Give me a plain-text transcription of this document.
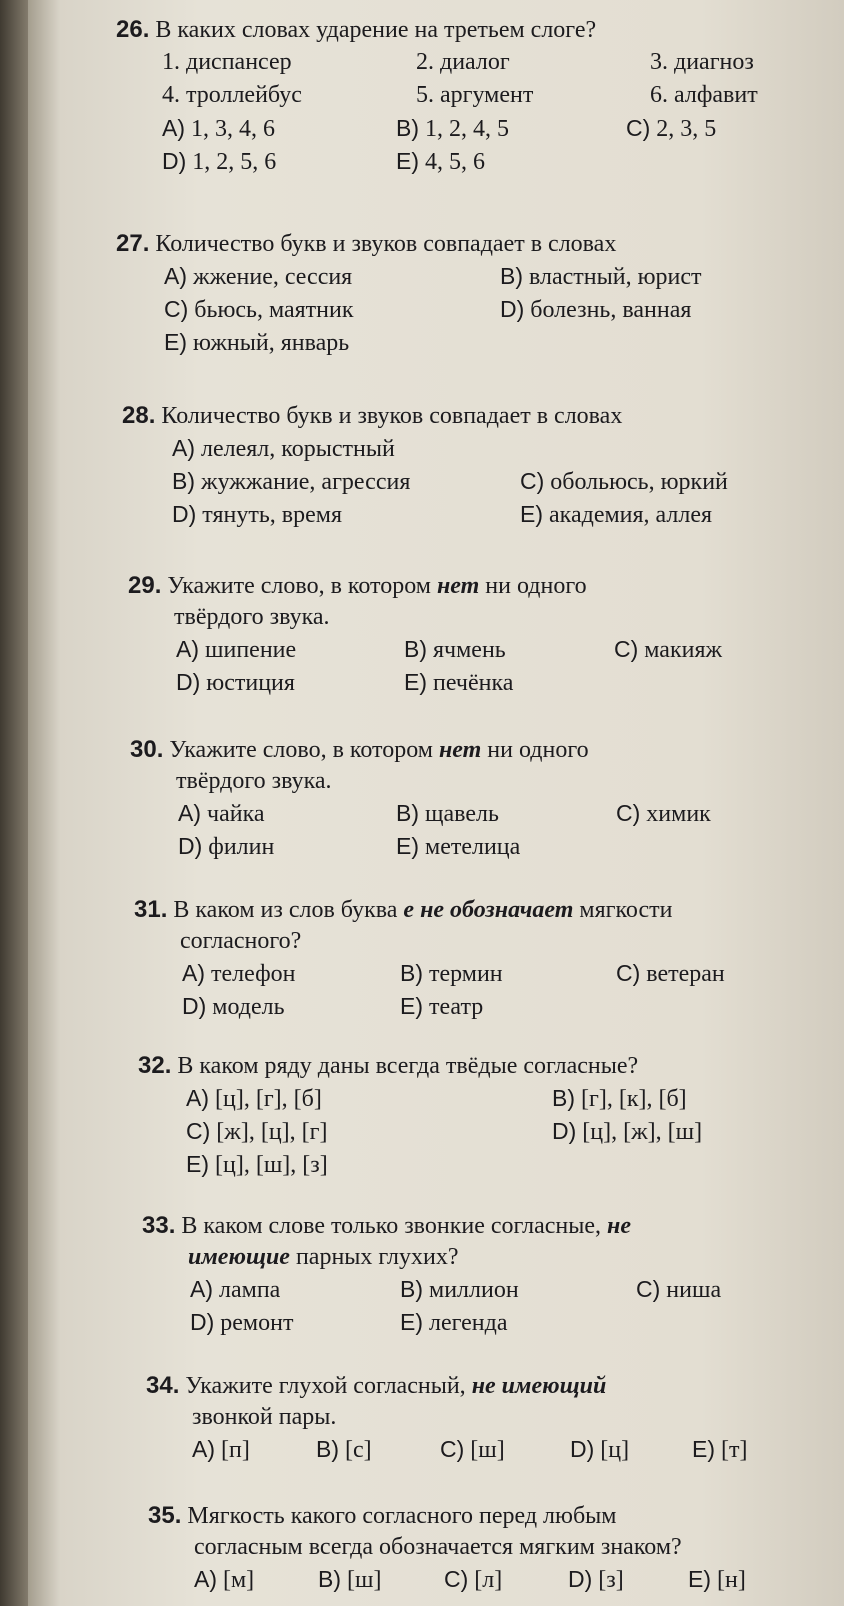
26. В каких словах ударение на третьем слоге?
1. диспансер	2. диалог	3. диагноз
4. троллейбус	5. аргумент	6. алфавит
A) 1, 3, 4, 6	B) 1, 2, 4, 5	C) 2, 3, 5
D) 1, 2, 5, 6	E) 4, 5, 6
27. Количество букв и звуков совпадает в словах
A) жжение, сессия	B) властный, юрист
C) бьюсь, маятник	D) болезнь, ванная
E) южный, январь
28. Количество букв и звуков совпадает в словах
A) лелеял, корыстный
B) жужжание, агрессия	C) обольюсь, юркий
D) тянуть, время	E) академия, аллея
29. Укажите слово, в котором нет ни одного
твёрдого звука.
A) шипение	B) ячмень	C) макияж
D) юстиция	E) печёнка
30. Укажите слово, в котором нет ни одного
твёрдого звука.
A) чайка	B) щавель	C) химик
D) филин	E) метелица
31. В каком из слов буква е не обозначает мягкости
согласного?
A) телефон	B) термин	C) ветеран
D) модель	E) театр
32. В каком ряду даны всегда твёдые согласные?
A) [ц], [г], [б]	B) [г], [к], [б]
C) [ж], [ц], [г]	D) [ц], [ж], [ш]
E) [ц], [ш], [з]
33. В каком слове только звонкие согласные, не
имеющие парных глухих?
A) лампа	B) миллион	C) ниша
D) ремонт	E) легенда
34. Укажите глухой согласный, не имеющий
звонкой пары.
A) [п]	B) [с]	C) [ш]	D) [ц]	E) [т]
35. Мягкость какого согласного перед любым
согласным всегда обозначается мягким знаком?
A) [м]	B) [ш]	C) [л]	D) [з]	E) [н]
